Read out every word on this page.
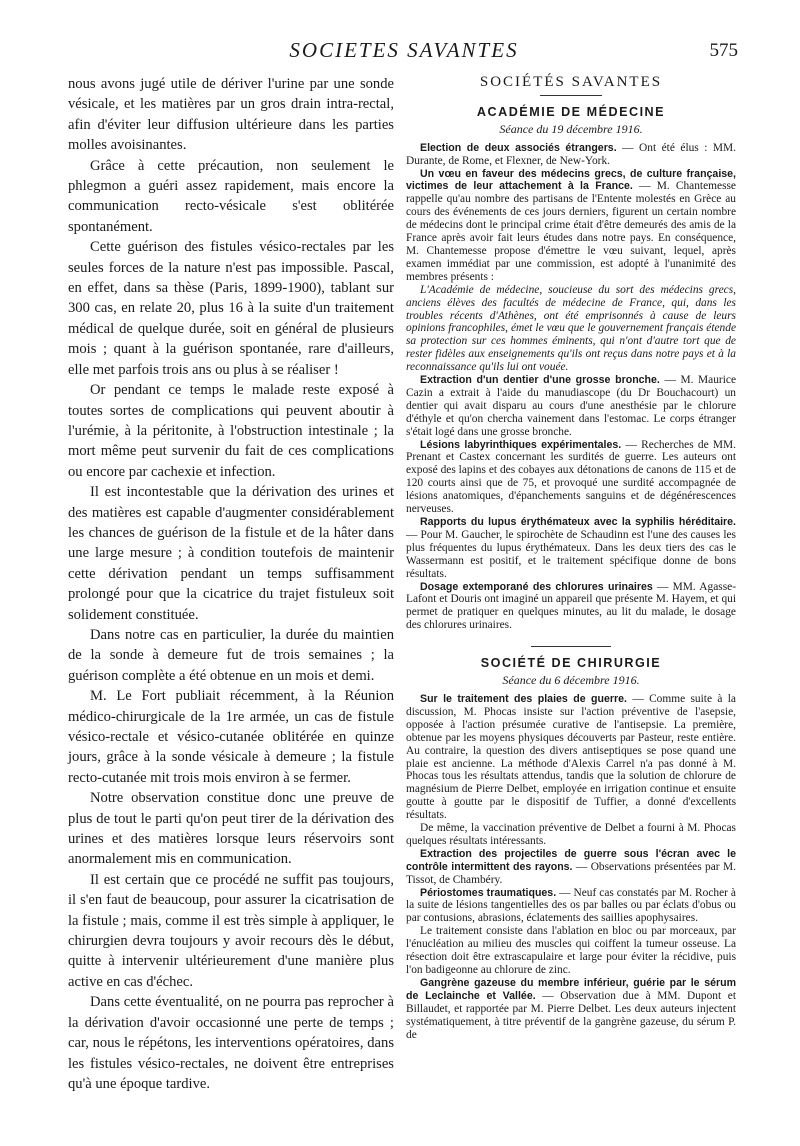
SOCIETES SAVANTES	575

nous avons jugé utile de dériver l'urine par une sonde vésicale, et les matières par un gros drain intra-rectal, afin d'éviter leur diffusion ultérieure dans les parties molles avoisinantes.

Grâce à cette précaution, non seulement le phlegmon a guéri assez rapidement, mais encore la communication recto-vésicale s'est oblitérée spontanément.

Cette guérison des fistules vésico-rectales par les seules forces de la nature n'est pas impossible. Pascal, en effet, dans sa thèse (Paris, 1899-1900), tablant sur 300 cas, en relate 20, plus 16 à la suite d'un traitement médical de quelque durée, soit en général de plusieurs mois ; quant à la guérison spontanée, rare d'ailleurs, elle met parfois trois ans ou plus à se réaliser !

Or pendant ce temps le malade reste exposé à toutes sortes de complications qui peuvent aboutir à l'urémie, à la péritonite, à l'obstruction intestinale ; la mort même peut survenir du fait de ces complications ou encore par cachexie et infection.

Il est incontestable que la dérivation des urines et des matières est capable d'augmenter considérablement les chances de guérison de la fistule et de la hâter dans une large mesure ; à condition toutefois de maintenir cette dérivation pendant un temps suffisamment prolongé pour que la cicatrice du trajet fistuleux soit solidement constituée.

Dans notre cas en particulier, la durée du maintien de la sonde à demeure fut de trois semaines ; la guérison complète a été obtenue en un mois et demi.

M. Le Fort publiait récemment, à la Réunion médico-chirurgicale de la 1re armée, un cas de fistule vésico-rectale et vésico-cutanée oblitérée en quinze jours, grâce à la sonde vésicale à demeure ; la fistule recto-cutanée mit trois mois environ à se fermer.

Notre observation constitue donc une preuve de plus de tout le parti qu'on peut tirer de la dérivation des urines et des matières lorsque leurs réservoirs sont anormalement mis en communication.

Il est certain que ce procédé ne suffit pas toujours, il s'en faut de beaucoup, pour assurer la cicatrisation de la fistule ; mais, comme il est très simple à appliquer, le chirurgien devra toujours y avoir recours dès le début, quitte à intervenir ultérieurement d'une manière plus active en cas d'échec.

Dans cette éventualité, on ne pourra pas reprocher à la dérivation d'avoir occasionné une perte de temps ; car, nous le répétons, les interventions opératoires, dans les fistules vésico-rectales, ne doivent être entreprises qu'à une époque tardive.

SOCIÉTÉS SAVANTES
ACADÉMIE DE MÉDECINE
Séance du 19 décembre 1916.

Election de deux associés étrangers. — Ont été élus : MM. Durante, de Rome, et Flexner, de New-York.

Un vœu en faveur des médecins grecs, de culture française, victimes de leur attachement à la France. — M. Chantemesse rappelle qu'au nombre des partisans de l'Entente molestés en Grèce au cours des événements de ces jours derniers, figurent un certain nombre de médecins dont le principal crime était d'être demeurés des amis de la France après avoir fait leurs études dans notre pays. En conséquence, M. Chantemesse propose d'émettre le vœu suivant, lequel, après examen immédiat par une commission, est adopté à l'unanimité des membres présents :

L'Académie de médecine, soucieuse du sort des médecins grecs, anciens élèves des facultés de médecine de France, qui, dans les troubles récents d'Athènes, ont été emprisonnés à cause de leurs opinions francophiles, émet le vœu que le gouvernement français étende sa protection sur ces hommes éminents, qui n'ont d'autre tort que de rester fidèles aux enseignements qu'ils ont reçus dans notre pays et à la reconnaissance qu'ils lui ont vouée.

Extraction d'un dentier d'une grosse bronche. — M. Maurice Cazin a extrait à l'aide du manudiascope (du Dr Bouchacourt) un dentier qui avait disparu au cours d'une anesthésie par le chlorure d'éthyle et qu'on chercha vainement dans l'estomac. Le corps étranger s'était logé dans une grosse bronche.

Lésions labyrinthiques expérimentales. — Recherches de MM. Prenant et Castex concernant les surdités de guerre. Les auteurs ont exposé des lapins et des cobayes aux détonations de canons de 115 et de 120 courts ainsi que de 75, et provoqué une surdité accompagnée de lésions anatomiques, d'épanchements sanguins et de dégénérescences nerveuses.

Rapports du lupus érythémateux avec la syphilis héréditaire. — Pour M. Gaucher, le spirochète de Schaudinn est l'une des causes les plus fréquentes du lupus érythémateux. Dans les deux tiers des cas le Wassermann est positif, et le traitement spécifique donne de bons résultats.

Dosage extemporané des chlorures urinaires — MM. Agasse-Lafont et Douris ont imaginé un appareil que présente M. Hayem, et qui permet de pratiquer en quelques minutes, au lit du malade, le dosage des chlorures urinaires.

SOCIÉTÉ DE CHIRURGIE
Séance du 6 décembre 1916.

Sur le traitement des plaies de guerre. — Comme suite à la discussion, M. Phocas insiste sur l'action préventive de l'asepsie, opposée à l'action présumée curative de l'antisepsie. La première, obtenue par les moyens physiques découverts par Pasteur, reste entière. Au contraire, la question des divers antiseptiques se pose quand une plaie est ancienne. La méthode d'Alexis Carrel n'a pas donné à M. Phocas tous les résultats attendus, tandis que la solution de chlorure de magnésium de Pierre Delbet, employée en irrigation continue et ensuite goutte à goutte par le dispositif de Tuffier, a donné d'excellents résultats.

De même, la vaccination préventive de Delbet a fourni à M. Phocas quelques résultats intéressants.

Extraction des projectiles de guerre sous l'écran avec le contrôle intermittent des rayons. — Observations présentées par M. Tissot, de Chambéry.

Périostomes traumatiques. — Neuf cas constatés par M. Rocher à la suite de lésions tangentielles des os par balles ou par éclats d'obus ou par contusions, abrasions, éclatements des saillies apophysaires.

Le traitement consiste dans l'ablation en bloc ou par morceaux, par l'énucléation au milieu des muscles qui coiffent la tumeur osseuse. La résection doit être extrascapulaire et large pour éviter la récidive, puis l'on badigeonne au chlorure de zinc.

Gangrène gazeuse du membre inférieur, guérie par le sérum de Leclainche et Vallée. — Observation due à MM. Dupont et Billaudet, et rapportée par M. Pierre Delbet. Les deux auteurs injectent systématiquement, à titre préventif de la gangrène gazeuse, du sérum P. de
